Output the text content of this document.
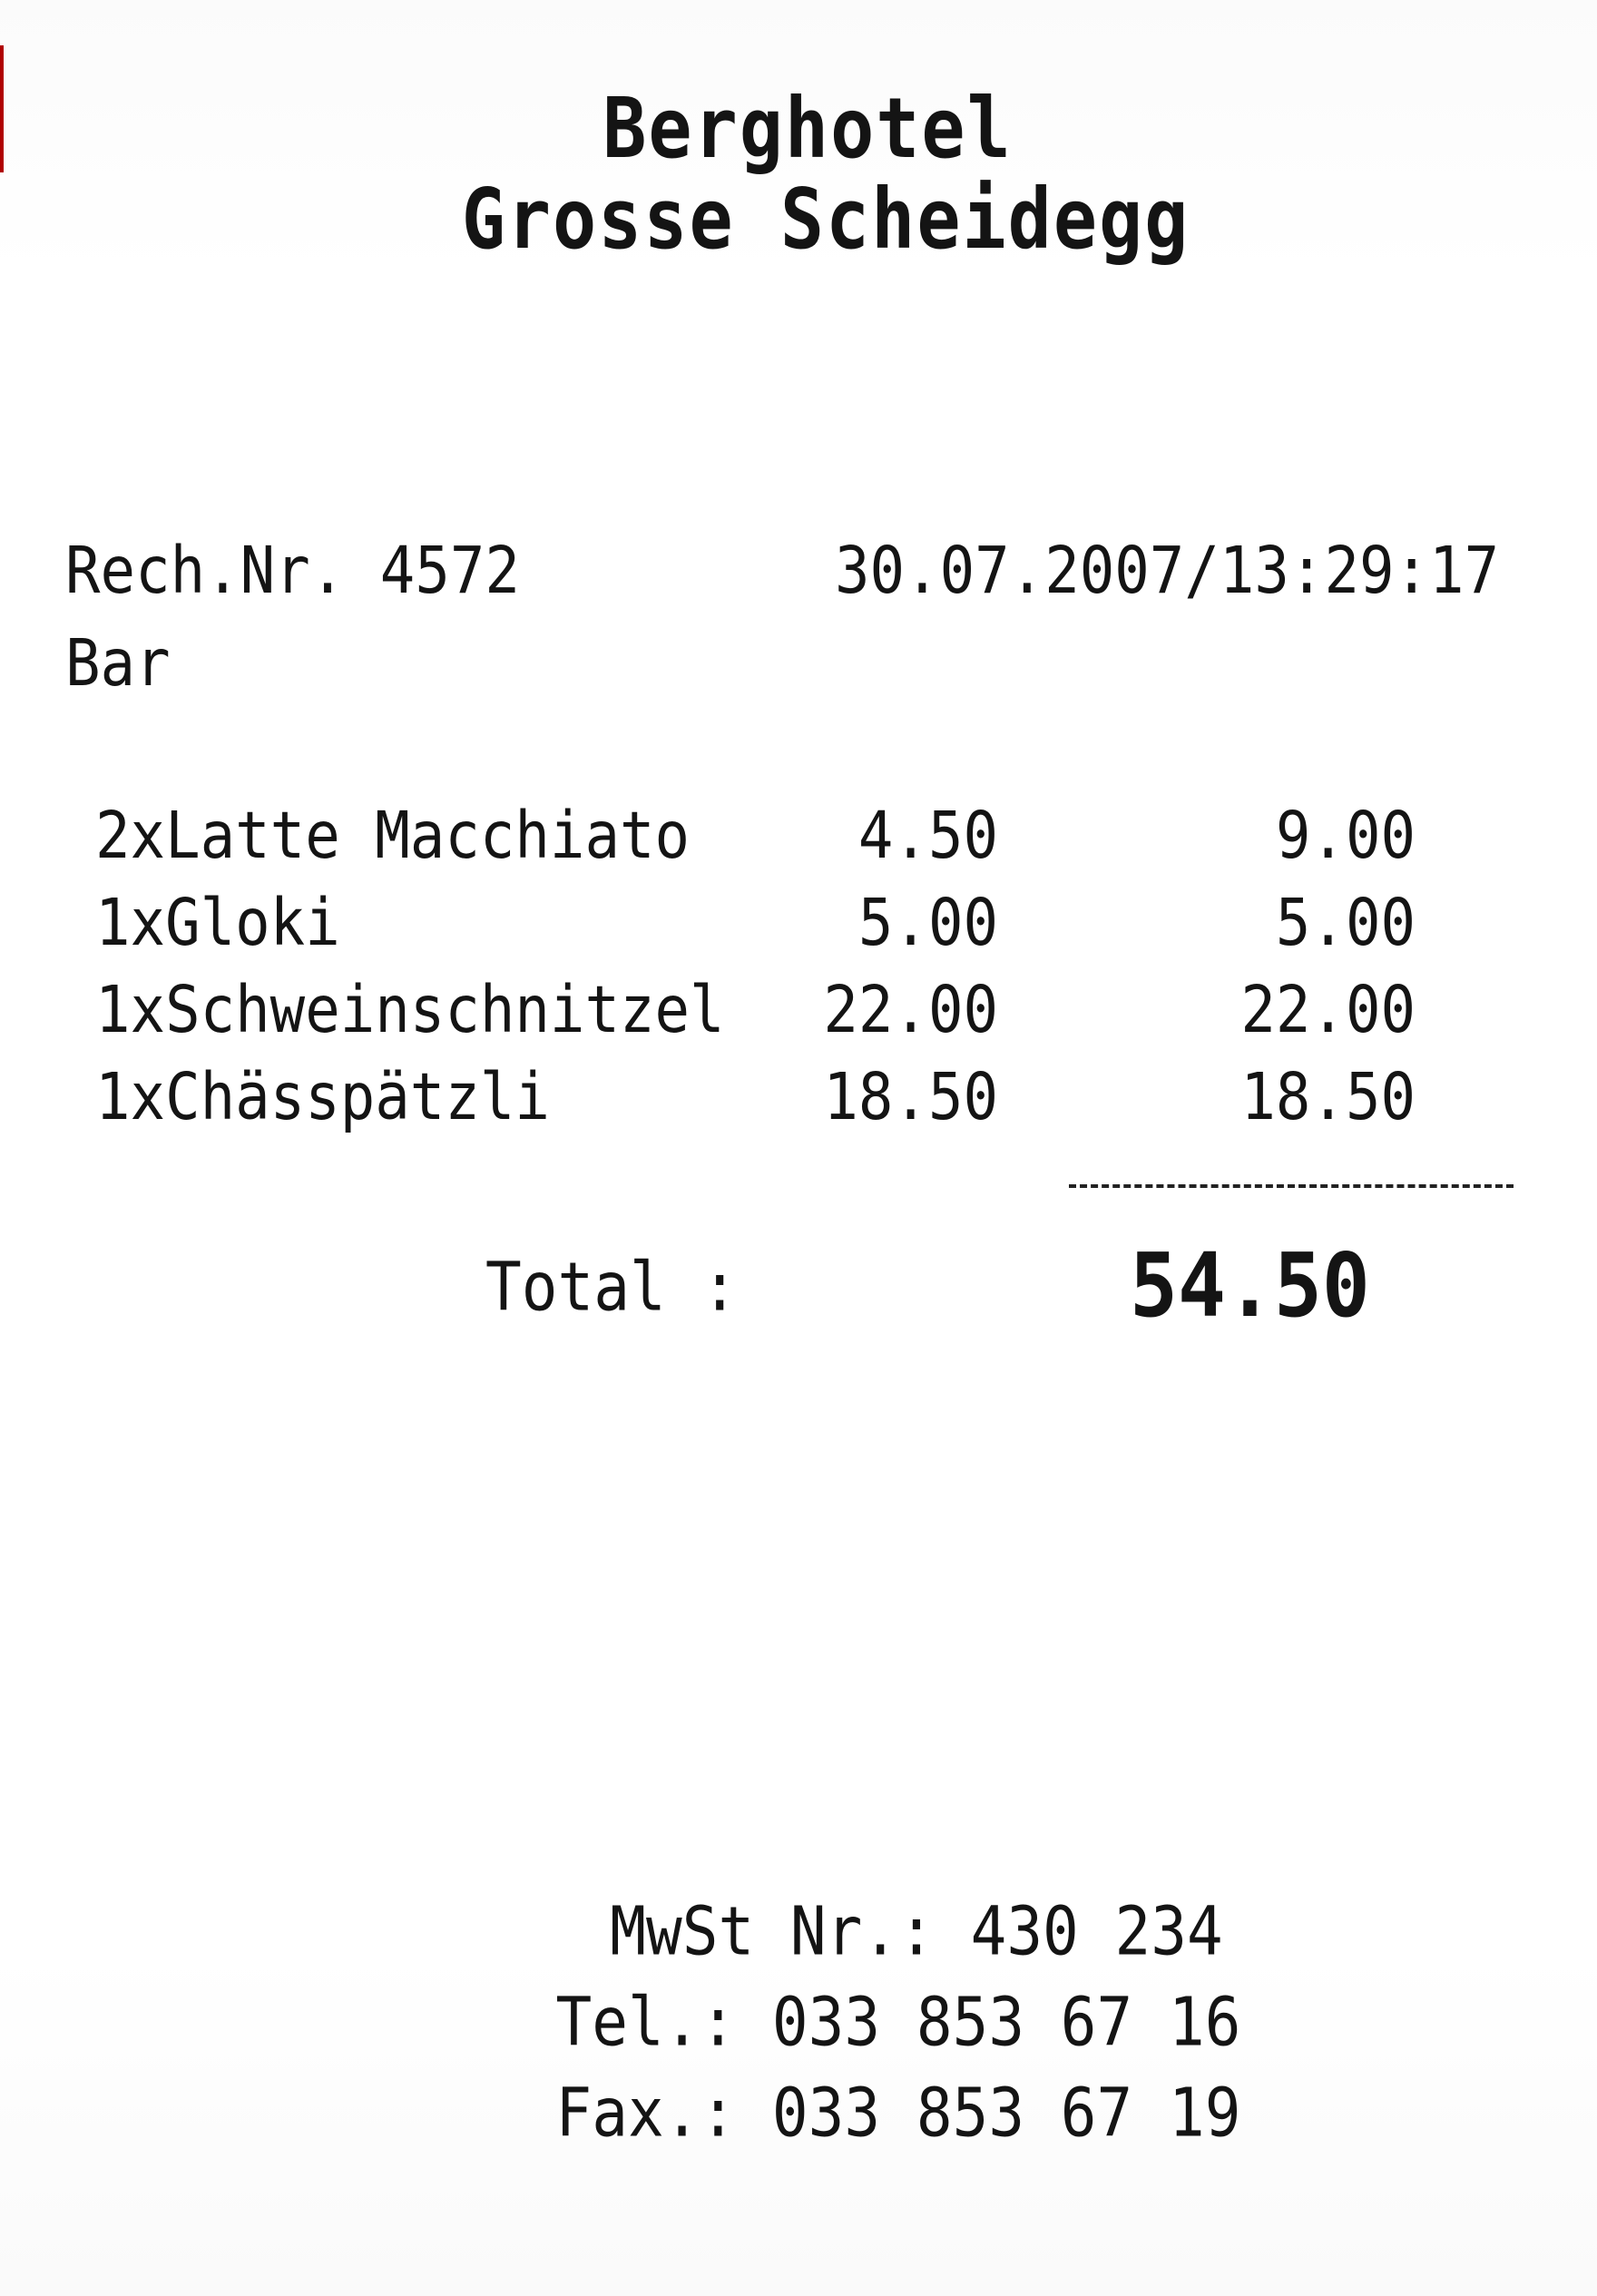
Berghotel
Grosse Scheidegg
Rech.Nr. 4572	30.07.2007/13:29:17
Bar
2xLatte Macchiato	4.50	9.00
1xGloki	5.00	5.00
1xSchweinschnitzel 22.00	22.00
1xChässpätzli	18.50	18.50
Total :	54.50
MwSt Nr.: 430 234
Tel.: 033 853 67 16
Fax.: 033 853 67 19
